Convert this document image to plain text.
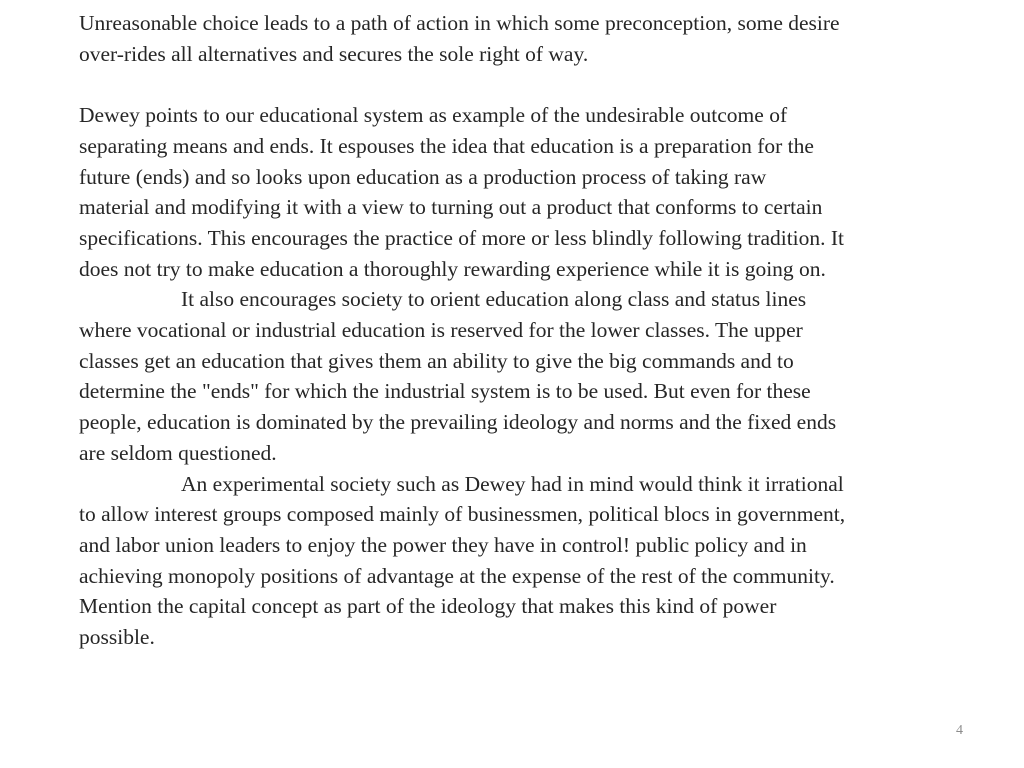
Unreasonable choice leads to a path of action in which some preconception, some desire
over-rides all alternatives and secures the sole right of way.
Dewey points to our educational system as example of the undesirable outcome of
separating means and ends. It espouses the idea that education is a preparation for the
future (ends) and so looks upon education as a production process of taking raw
material and modifying it with a view to turning out a product that conforms to certain
specifications. This encourages the practice of more or less blindly following tradition. It
does not try to make education a thoroughly rewarding experience while it is going on.
It also encourages society to orient education along class and status lines
where vocational or industrial education is reserved for the lower classes. The upper
classes get an education that gives them an ability to give the big commands and to
determine the "ends" for which the industrial system is to be used. But even for these
people, education is dominated by the prevailing ideology and norms and the fixed ends
are seldom questioned.
An experimental society such as Dewey had in mind would think it irrational
to allow interest groups composed mainly of businessmen, political blocs in government,
and labor union leaders to enjoy the power they have in control! public policy and in
achieving monopoly positions of advantage at the expense of the rest of the community.
Mention the capital concept as part of the ideology that makes this kind of power
possible.
4
